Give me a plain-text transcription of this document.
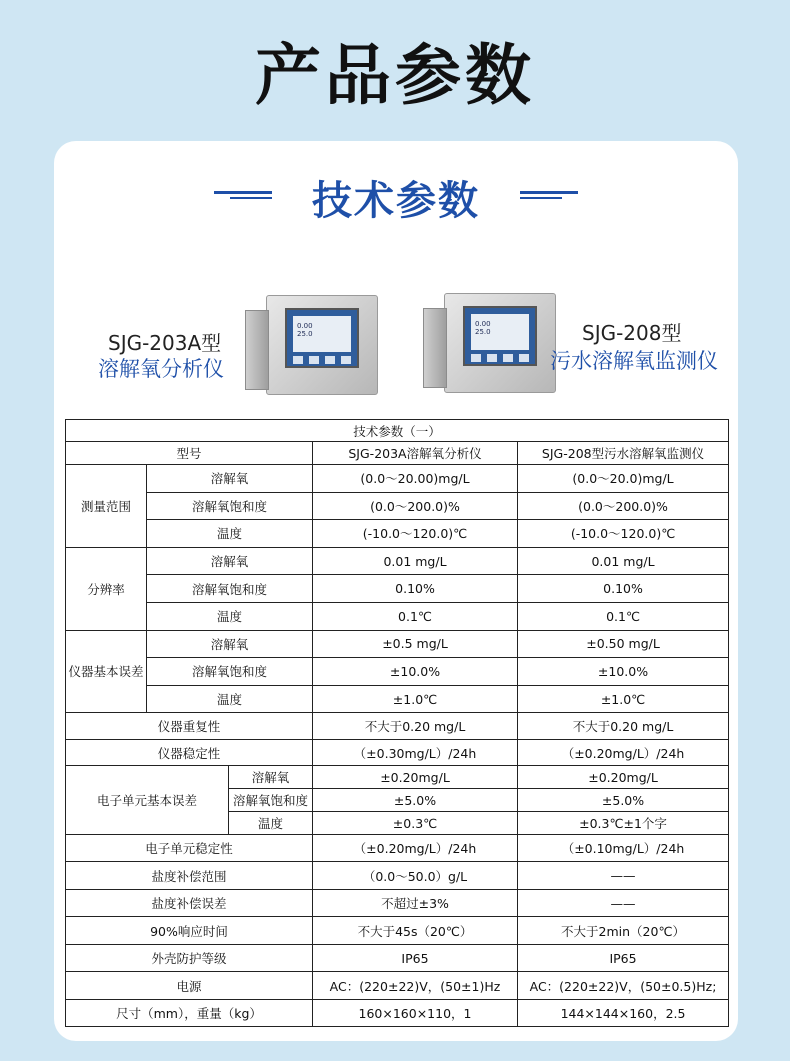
产品参数
技术参数
SJG-203A型
溶解氧分析仪
0.00
25.0
0.00
25.0	SJG-208型
污水溶解氧监测仪
技术参数（一）				
型号			SJG-203A溶解氧分析仪	SJG-208型污水溶解氧监测仪
测量范围	溶解氧		(0.0～20.00)mg/L	(0.0～20.0)mg/L
	溶解氧饱和度		(0.0～200.0)%	(0.0～200.0)%
	温度		(-10.0～120.0)℃	(-10.0～120.0)℃
分辨率	溶解氧		0.01 mg/L	0.01 mg/L
	溶解氧饱和度		0.10%	0.10%
	温度		0.1℃	0.1℃
仪器基本误差	溶解氧		±0.5 mg/L	±0.50 mg/L
	溶解氧饱和度		±10.0%	±10.0%
	温度		±1.0℃	±1.0℃
仪器重复性			不大于0.20 mg/L	不大于0.20 mg/L
仪器稳定性			（±0.30mg/L）/24h	（±0.20mg/L）/24h
电子单元基本误差		溶解氧	±0.20mg/L	±0.20mg/L
		溶解氧饱和度	±5.0%	±5.0%
		温度	±0.3℃	±0.3℃±1个字
电子单元稳定性			（±0.20mg/L）/24h	（±0.10mg/L）/24h
盐度补偿范围			（0.0～50.0）g/L	——
盐度补偿误差			不超过±3%	——
90%响应时间			不大于45s（20℃）	不大于2min（20℃）
外壳防护等级			IP65	IP65
电源			AC：(220±22)V，(50±1)Hz	AC：(220±22)V，(50±0.5)Hz;
尺寸（mm），重量（kg）			160×160×110，1	144×144×160，2.5
